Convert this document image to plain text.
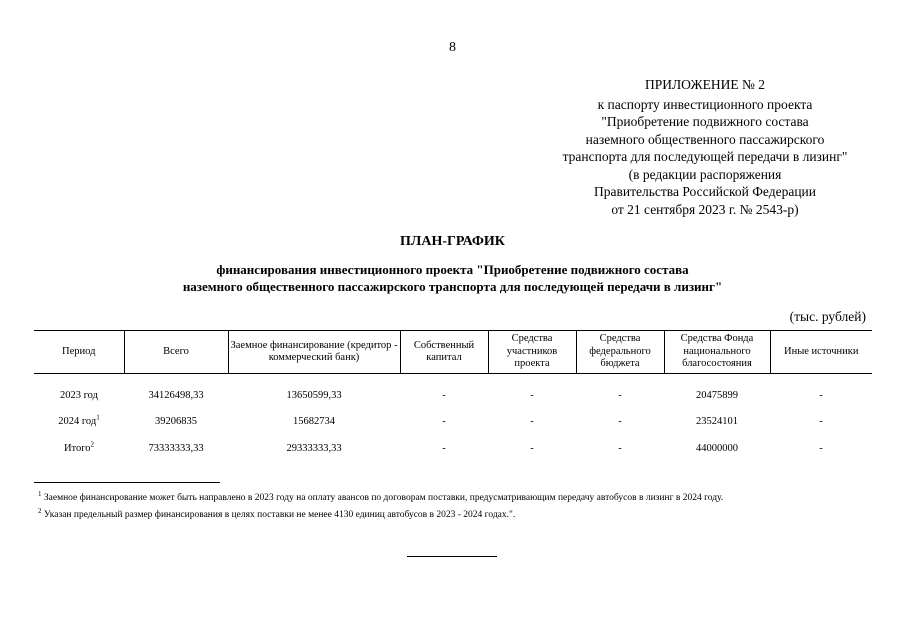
8
ПРИЛОЖЕНИЕ № 2
к паспорту инвестиционного проекта
"Приобретение подвижного состава
наземного общественного пассажирского
транспорта для последующей передачи в лизинг"
(в редакции распоряжения
Правительства Российской Федерации
от 21 сентября 2023 г. № 2543-р)
ПЛАН-ГРАФИК
финансирования инвестиционного проекта "Приобретение подвижного состава
наземного общественного пассажирского транспорта для последующей передачи в лизинг"
(тыс. рублей)
Период	Всего	Заемное финансирование (кредитор - коммерческий банк)	Собственный капитал	Средства участников проекта	Средства федерального бюджета	Средства Фонда национального благосостояния	Иные источники
2023 год	34126498,33	13650599,33	-	-	-	20475899	-
2024 год$^1$	39206835	15682734	-	-	-	23524101	-
Итого$^2$	73333333,33	29333333,33	-	-	-	44000000	-
$^1$ Заемное финансирование может быть направлено в 2023 году на оплату авансов по договорам поставки, предусматривающим передачу автобусов в лизинг в 2024 году.
$^2$ Указан предельный размер финансирования в целях поставки не менее 4130 единиц автобусов в 2023 - 2024 годах.".
